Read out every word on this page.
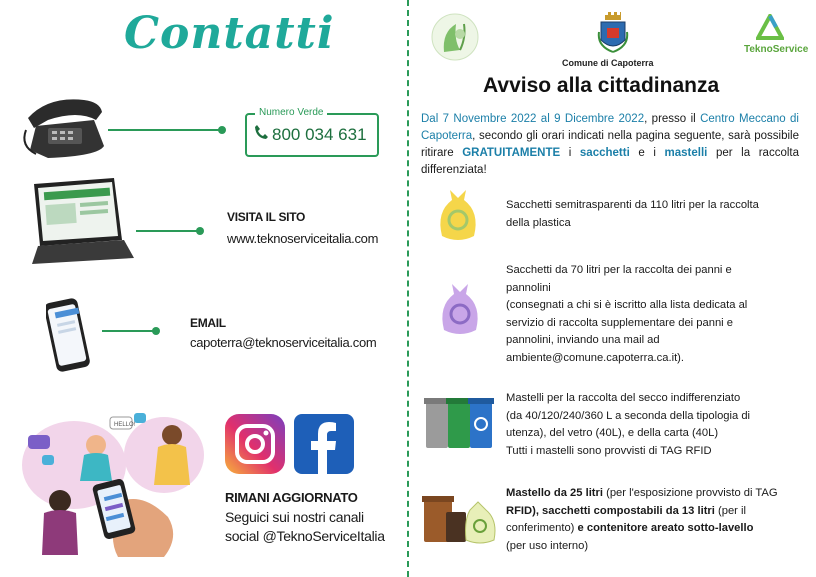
Contatti
Numero Verde
800 034 631
VISITA IL SITO
www.teknoserviceitalia.com
EMAIL
capoterra@teknoserviceitalia.com
HELLO!
RIMANI AGGIORNATO
Seguici sui nostri canali
social @TeknoServiceItalia
Comune di Capoterra
TeknoService
Avviso alla cittadinanza
Dal 7 Novembre 2022 al 9 Dicembre 2022, presso il Centro Meccano di Capoterra, secondo gli orari indicati nella pagina seguente, sarà possibile ritirare GRATUITAMENTE i sacchetti e i mastelli per la raccolta differenziata!
Sacchetti semitrasparenti da 110 litri per la raccolta
della plastica
Sacchetti da 70 litri per la raccolta dei panni e
pannolini
(consegnati a chi si è iscritto alla lista dedicata al
servizio di raccolta supplementare dei panni e
pannolini, inviando una mail ad
ambiente@comune.capoterra.ca.it).
Mastelli per la raccolta del secco indifferenziato
(da 40/120/240/360 L a seconda della tipologia di
utenza), del vetro (40L), e della carta (40L)
Tutti i mastelli sono provvisti di TAG RFID
Mastello da 25 litri (per l'esposizione provvisto di TAG
RFID), sacchetti compostabili da 13 litri (per il
conferimento) e contenitore areato sotto-lavello
(per uso interno)
